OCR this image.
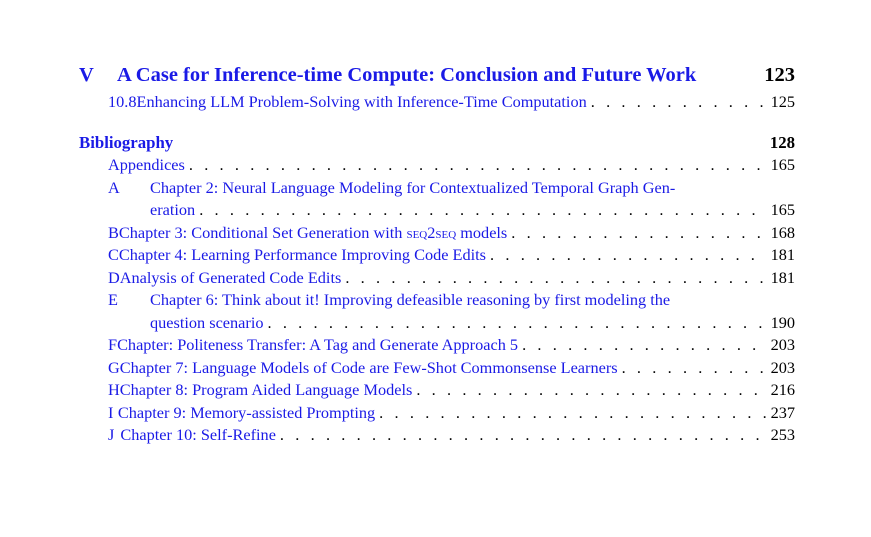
V	A Case for Inference-time Compute: Conclusion and Future Work	123
10.8 Enhancing LLM Problem-Solving with Inference-Time Computation . . .	125
Bibliography	128
Appendices . . .	165
A	Chapter 2: Neural Language Modeling for Contextualized Temporal Graph Gen-
eration . . .	165
B Chapter 3: Conditional Set Generation with seq2seq models . . .	168
C Chapter 4: Learning Performance Improving Code Edits . . .	181
D Analysis of Generated Code Edits . . .	181
E	Chapter 6: Think about it! Improving defeasible reasoning by first modeling the
question scenario . . .	190
F Chapter: Politeness Transfer: A Tag and Generate Approach 5 . . .	203
G Chapter 7: Language Models of Code are Few-Shot Commonsense Learners . . .	203
H Chapter 8: Program Aided Language Models . . .	216
I Chapter 9: Memory-assisted Prompting . . .	237
J Chapter 10: Self-Refine . . .	253
